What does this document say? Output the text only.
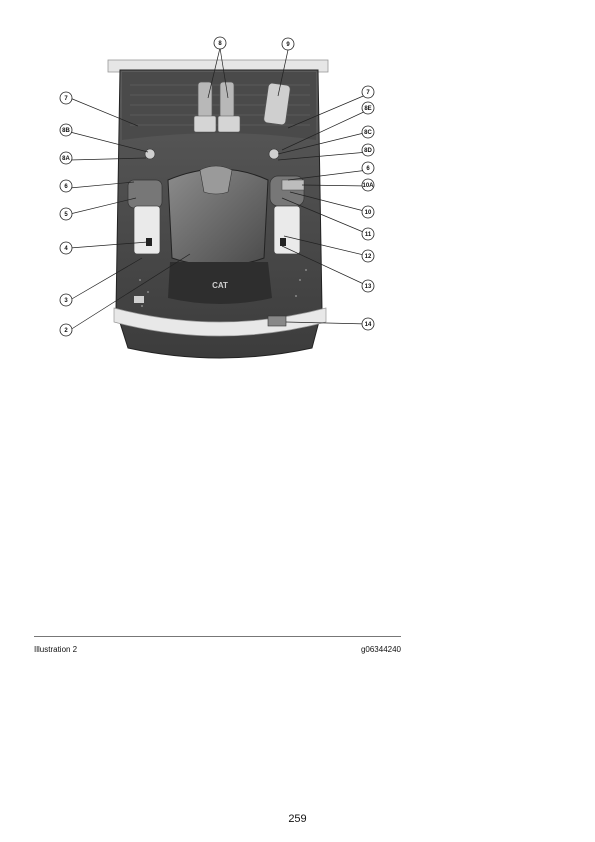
CAT
8	9
7
8E
8B	8C
8A
8D
6
6
10A
5	10
11
4
12
13
3
2
14
7
Illustration 2	g06344240
259
